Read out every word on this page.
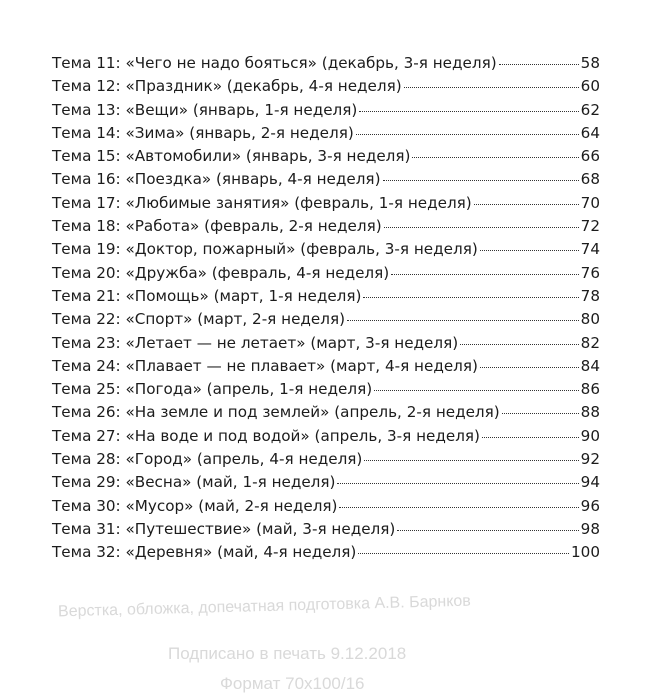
Верстка, обложка, допечатная подготовка А.В. Барнков
Подписано в печать 9.12.2018
Формат 70x100/16
Тема 11: «Чего не надо бояться» (декабрь, 3-я неделя)	58
Тема 12: «Праздник» (декабрь, 4-я неделя)	60
Тема 13: «Вещи» (январь, 1-я неделя)	62
Тема 14: «Зима» (январь, 2-я неделя)	64
Тема 15: «Автомобили» (январь, 3-я неделя)	66
Тема 16: «Поездка» (январь, 4-я неделя)	68
Тема 17: «Любимые занятия» (февраль, 1-я неделя)	70
Тема 18: «Работа» (февраль, 2-я неделя)	72
Тема 19: «Доктор, пожарный» (февраль, 3-я неделя)	74
Тема 20: «Дружба» (февраль, 4-я неделя)	76
Тема 21: «Помощь» (март, 1-я неделя)	78
Тема 22: «Спорт» (март, 2-я неделя)	80
Тема 23: «Летает — не летает» (март, 3-я неделя)	82
Тема 24: «Плавает — не плавает» (март, 4-я неделя)	84
Тема 25: «Погода» (апрель, 1-я неделя)	86
Тема 26: «На земле и под землей» (апрель, 2-я неделя)	88
Тема 27: «На воде и под водой» (апрель, 3-я неделя)	90
Тема 28: «Город» (апрель, 4-я неделя)	92
Тема 29: «Весна» (май, 1-я неделя)	94
Тема 30: «Мусор» (май, 2-я неделя)	96
Тема 31: «Путешествие» (май, 3-я неделя)	98
Тема 32: «Деревня» (май, 4-я неделя)	100
